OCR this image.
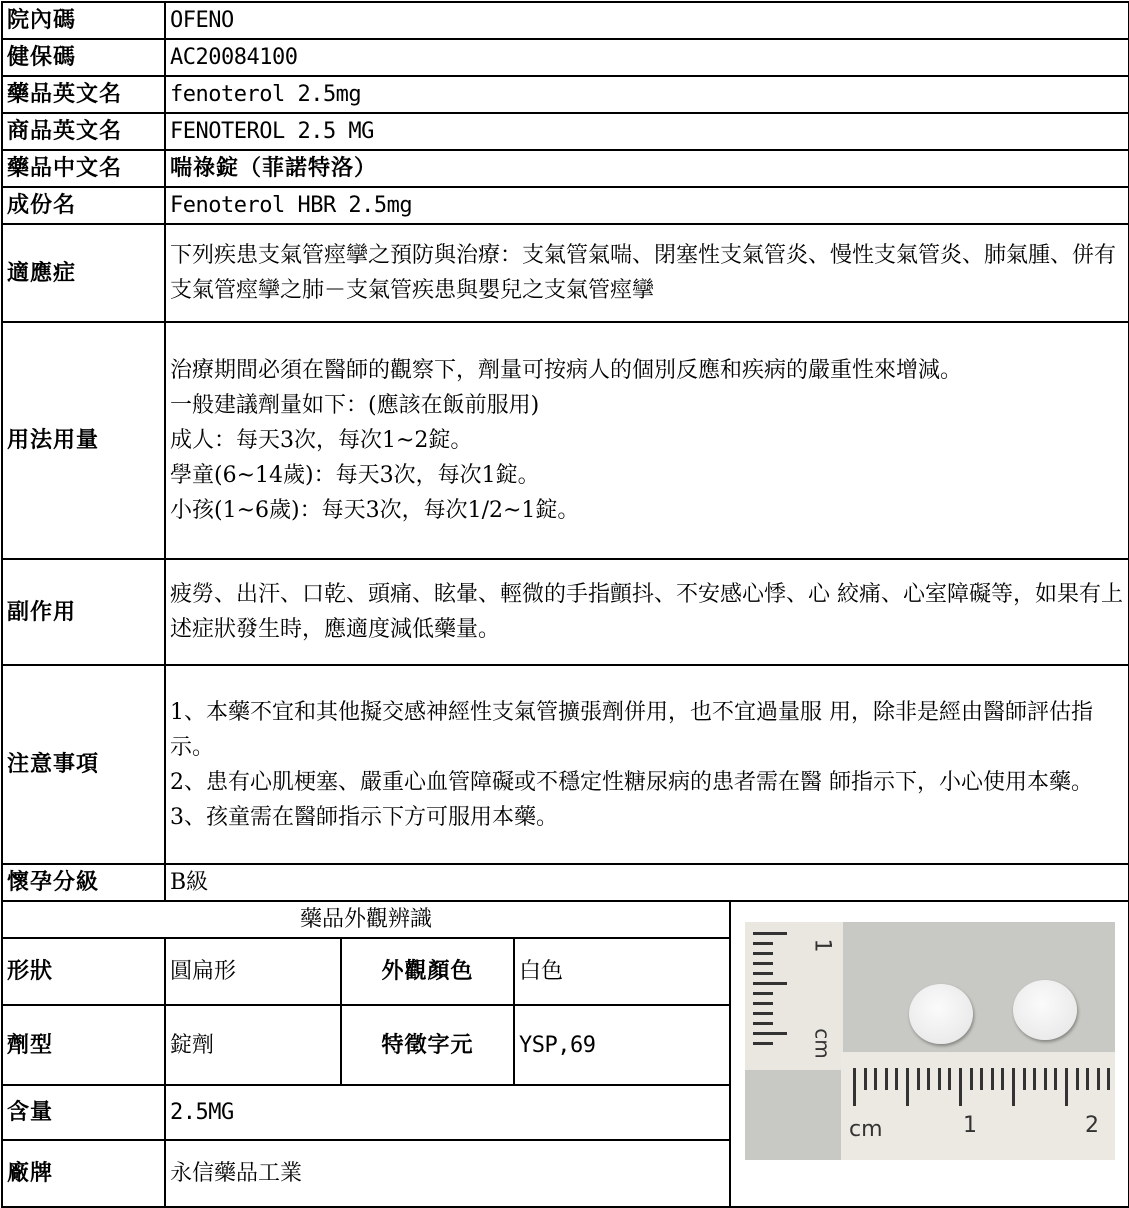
院內碼	OFENO			
健保碼	AC20084100			
藥品英文名	fenoterol 2.5mg			
商品英文名	FENOTEROL 2.5 MG			
藥品中文名	喘祿錠（菲諾特洛）			
成份名	Fenoterol HBR 2.5mg			
適應症	下列疾患支氣管痙攣之預防與治療：支氣管氣喘、閉塞性支氣管炎、慢性支氣管炎、肺氣腫、併有支氣管痙攣之肺－支氣管疾患與嬰兒之支氣管痙攣			
用法用量	治療期間必須在醫師的觀察下，劑量可按病人的個別反應和疾病的嚴重性來增減。
一般建議劑量如下：(應該在飯前服用)
成人：每天3次，每次1~2錠。
學童(6~14歲)：每天3次，每次1錠。
小孩(1~6歲)：每天3次，每次1/2~1錠。			
副作用	疲勞、出汗、口乾、頭痛、眩暈、輕微的手指顫抖、不安感心悸、心 絞痛、心室障礙等，如果有上述症狀發生時，應適度減低藥量。			
注意事項	1、本藥不宜和其他擬交感神經性支氣管擴張劑併用，也不宜過量服 用，除非是經由醫師評估指示。
2、患有心肌梗塞、嚴重心血管障礙或不穩定性糖尿病的患者需在醫 師指示下，小心使用本藥。
3、孩童需在醫師指示下方可服用本藥。			
懷孕分級	B級			
藥品外觀辨識				1
cm
cm 1 2

形狀	圓扁形	外觀顏色	白色	
劑型	錠劑	特徵字元	YSP,69	
含量	2.5MG			
廠牌	永信藥品工業			
